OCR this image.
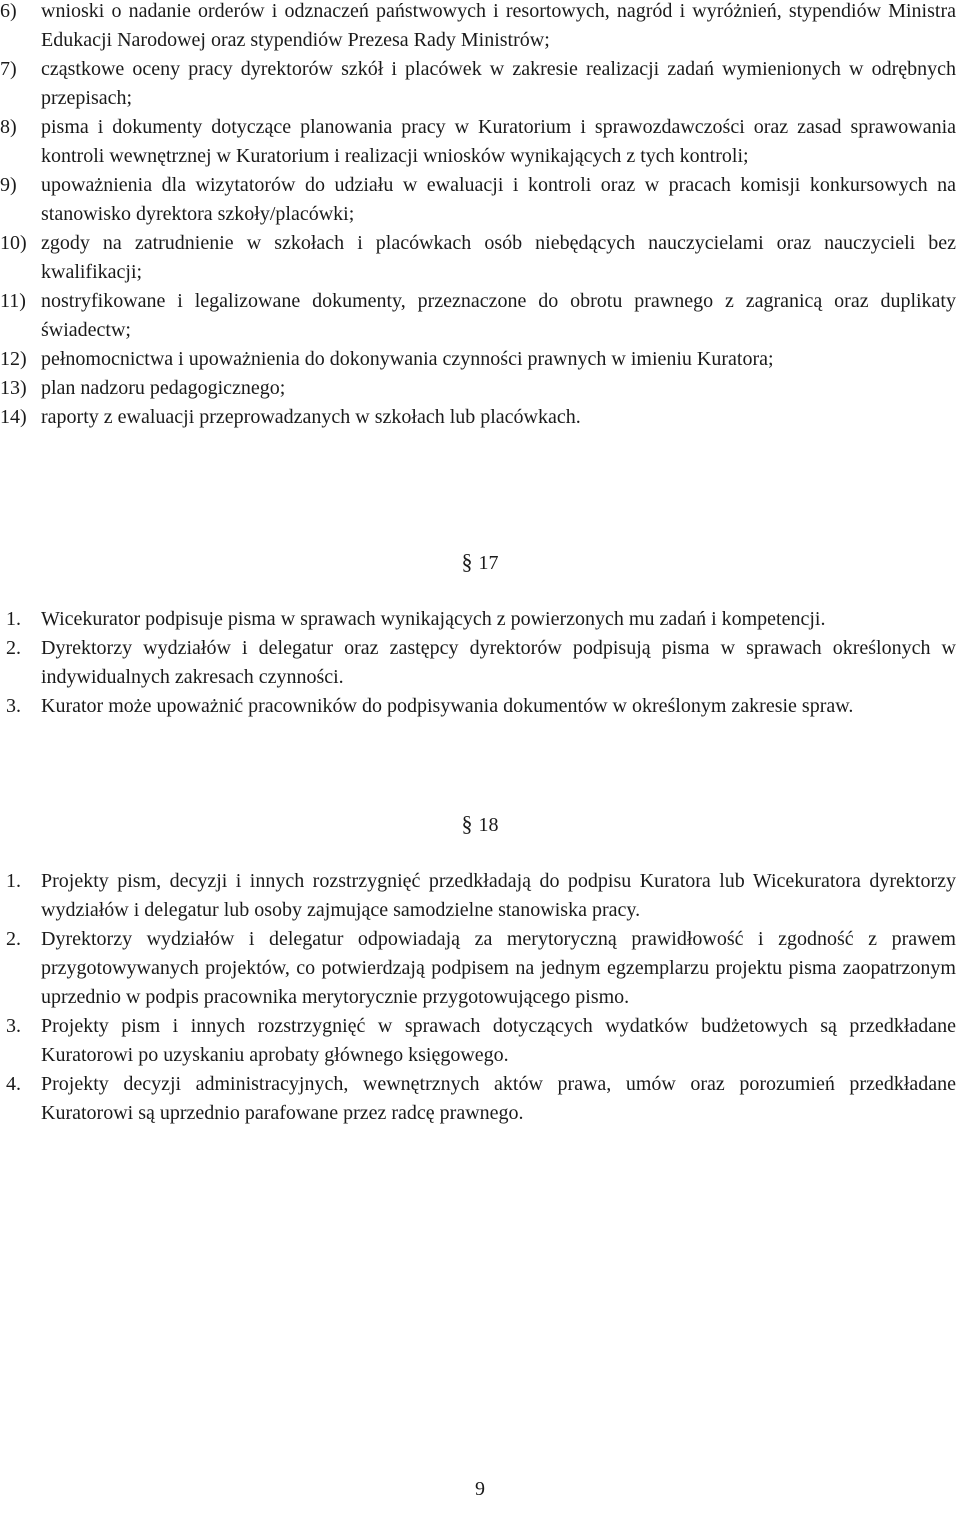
6)	wnioski o nadanie orderów i odznaczeń państwowych i resortowych, nagród i wyróżnień, stypendiów Ministra Edukacji Narodowej oraz stypendiów Prezesa Rady Ministrów;
7)	cząstkowe oceny pracy dyrektorów szkół i placówek w zakresie realizacji zadań wymienionych w odrębnych przepisach;
8)	pisma i dokumenty dotyczące planowania pracy w Kuratorium i sprawozdawczości oraz zasad sprawowania kontroli wewnętrznej w Kuratorium i realizacji wniosków wynikających z tych kontroli;
9)	upoważnienia dla wizytatorów do udziału w ewaluacji i kontroli oraz w pracach komisji konkursowych na stanowisko dyrektora szkoły/placówki;
10) zgody na zatrudnienie w szkołach i placówkach osób niebędących nauczycielami oraz nauczycieli bez kwalifikacji;
11) nostryfikowane i legalizowane dokumenty, przeznaczone do obrotu prawnego z zagranicą oraz duplikaty świadectw;
12) pełnomocnictwa i upoważnienia do dokonywania czynności prawnych w imieniu Kuratora;
13) plan nadzoru pedagogicznego;
14) raporty z ewaluacji przeprowadzanych w szkołach lub placówkach.
§ 17
1.	Wicekurator podpisuje pisma w sprawach wynikających z powierzonych mu zadań i kompetencji.
2.	Dyrektorzy wydziałów i delegatur oraz zastępcy dyrektorów podpisują pisma w sprawach określonych w indywidualnych zakresach czynności.
3.	Kurator może upoważnić pracowników do podpisywania dokumentów w określonym zakresie spraw.
§ 18
1.	Projekty pism, decyzji i innych rozstrzygnięć przedkładają do podpisu Kuratora lub Wicekuratora dyrektorzy wydziałów i delegatur lub osoby zajmujące samodzielne stanowiska pracy.
2.	Dyrektorzy wydziałów i delegatur odpowiadają za merytoryczną prawidłowość i zgodność z prawem przygotowywanych projektów, co potwierdzają podpisem na jednym egzemplarzu projektu pisma zaopatrzonym uprzednio w podpis pracownika merytorycznie przygotowującego pismo.
3.	Projekty pism i innych rozstrzygnięć w sprawach dotyczących wydatków budżetowych są przedkładane Kuratorowi po uzyskaniu aprobaty głównego księgowego.
4.	Projekty decyzji administracyjnych, wewnętrznych aktów prawa, umów oraz porozumień przedkładane Kuratorowi są uprzednio parafowane przez radcę prawnego.
9
